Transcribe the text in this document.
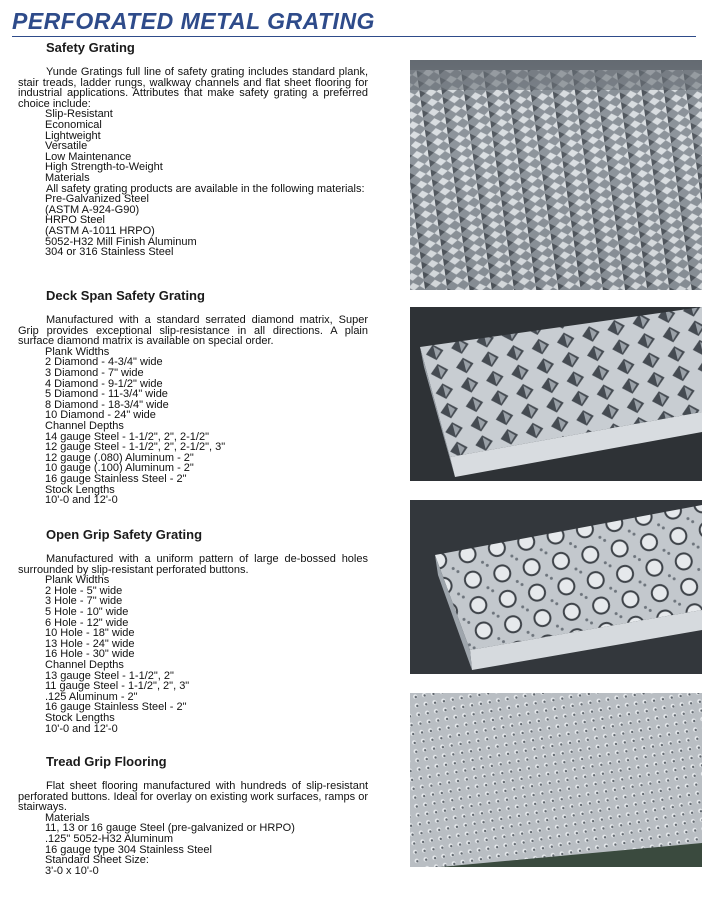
PERFORATED METAL GRATING
Safety Grating

Yunde Gratings full line of safety grating includes standard plank, stair treads, ladder rungs, walkway channels and flat sheet flooring for industrial applications. Attributes that make safety grating a preferred choice include:

Slip-Resistant
Economical
Lightweight
Versatile
Low Maintenance
High Strength-to-Weight
Materials

All safety grating products are available in the following materials:

Pre-Galvanized Steel
(ASTM A-924-G90)
HRPO Steel
(ASTM A-1011 HRPO)
5052-H32 Mill Finish Aluminum
304 or 316 Stainless Steel
Deck Span Safety Grating

Manufactured with a standard serrated diamond matrix, Super Grip provides exceptional slip-resistance in all directions. A plain surface diamond matrix is available on special order.

Plank Widths
2 Diamond - 4-3/4" wide
3 Diamond - 7" wide
4 Diamond - 9-1/2" wide
5 Diamond - 11-3/4" wide
8 Diamond - 18-3/4" wide
10 Diamond - 24" wide
Channel Depths
14 gauge Steel - 1-1/2", 2", 2-1/2"
12 gauge Steel - 1-1/2", 2", 2-1/2", 3"
12 gauge (.080) Aluminum - 2"
10 gauge (.100) Aluminum - 2"
16 gauge Stainless Steel - 2"
Stock Lengths
10'-0 and 12'-0
Open Grip Safety Grating

Manufactured with a uniform pattern of large de-bossed holes surrounded by slip-resistant perforated buttons.

Plank Widths
2 Hole - 5" wide
3 Hole - 7" wide
5 Hole - 10" wide
6 Hole - 12" wide
10 Hole - 18" wide
13 Hole - 24" wide
16 Hole - 30" wide
Channel Depths
13 gauge Steel - 1-1/2", 2"
11 gauge Steel - 1-1/2", 2", 3"
.125 Aluminum - 2"
16 gauge Stainless Steel - 2"
Stock Lengths
10'-0 and 12'-0
Tread Grip Flooring

Flat sheet flooring manufactured with hundreds of slip-resistant perforated buttons. Ideal for overlay on existing work surfaces, ramps or stairways.

Materials
11, 13 or 16 gauge Steel (pre-galvanized or HRPO)
.125" 5052-H32 Aluminum
16 gauge type 304 Stainless Steel
Standard Sheet Size:
3'-0 x 10'-0
